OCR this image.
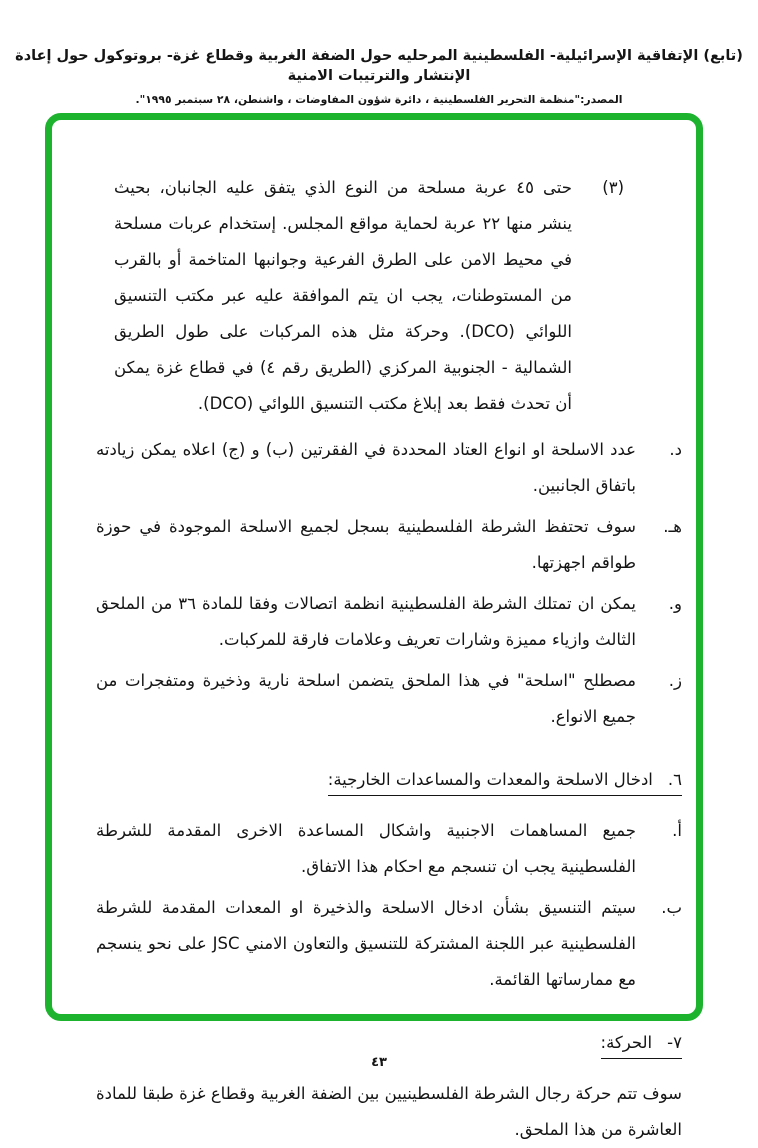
(تابع) الإتفاقية الإسرائيلية- الفلسطينية المرحليه حول الضفة الغربية وقطاع غزة- بروتوكول حول إعادة الإنتشار والترتيبات الامنية
المصدر:"منظمة التحرير الفلسطينية ، دائرة شؤون المفاوضات ، واشنطن، ٢٨ سبتمبر ١٩٩٥".
(٣)
حتى ٤٥ عربة مسلحة من النوع الذي يتفق عليه الجانبان، بحيث ينشر منها ٢٢ عربة لحماية مواقع المجلس. إستخدام عربات مسلحة في محيط الامن على الطرق الفرعية وجوانبها المتاخمة أو بالقرب من المستوطنات، يجب ان يتم الموافقة عليه عبر مكتب التنسيق اللوائي (DCO). وحركة مثل هذه المركبات على طول الطريق الشمالية - الجنوبية المركزي (الطريق رقم ٤) في قطاع غزة يمكن أن تحدث فقط بعد إبلاغ مكتب التنسيق اللوائي (DCO).
د.
عدد الاسلحة او انواع العتاد المحددة في الفقرتين (ب) و (ج) اعلاه يمكن زيادته باتفاق الجانبين.
هـ.
سوف تحتفظ الشرطة الفلسطينية بسجل لجميع الاسلحة الموجودة في حوزة طواقم اجهزتها.
و.
يمكن ان تمتلك الشرطة الفلسطينية انظمة اتصالات وفقا للمادة ٣٦ من الملحق الثالث وازياء مميزة وشارات تعريف وعلامات فارقة للمركبات.
ز.
مصطلح "اسلحة" في هذا الملحق يتضمن اسلحة نارية وذخيرة ومتفجرات من جميع الانواع.
٦.ادخال الاسلحة والمعدات والمساعدات الخارجية:
أ.
جميع المساهمات الاجنبية واشكال المساعدة الاخرى المقدمة للشرطة الفلسطينية يجب ان تنسجم مع احكام هذا الاتفاق.
ب.
سيتم التنسيق بشأن ادخال الاسلحة والذخيرة او المعدات المقدمة للشرطة الفلسطينية عبر اللجنة المشتركة للتنسيق والتعاون الامني JSC على نحو ينسجم مع ممارساتها القائمة.
٧-الحركة:
سوف تتم حركة رجال الشرطة الفلسطينيين بين الضفة الغربية وقطاع غزة طبقا للمادة العاشرة من هذا الملحق.
٤٣
